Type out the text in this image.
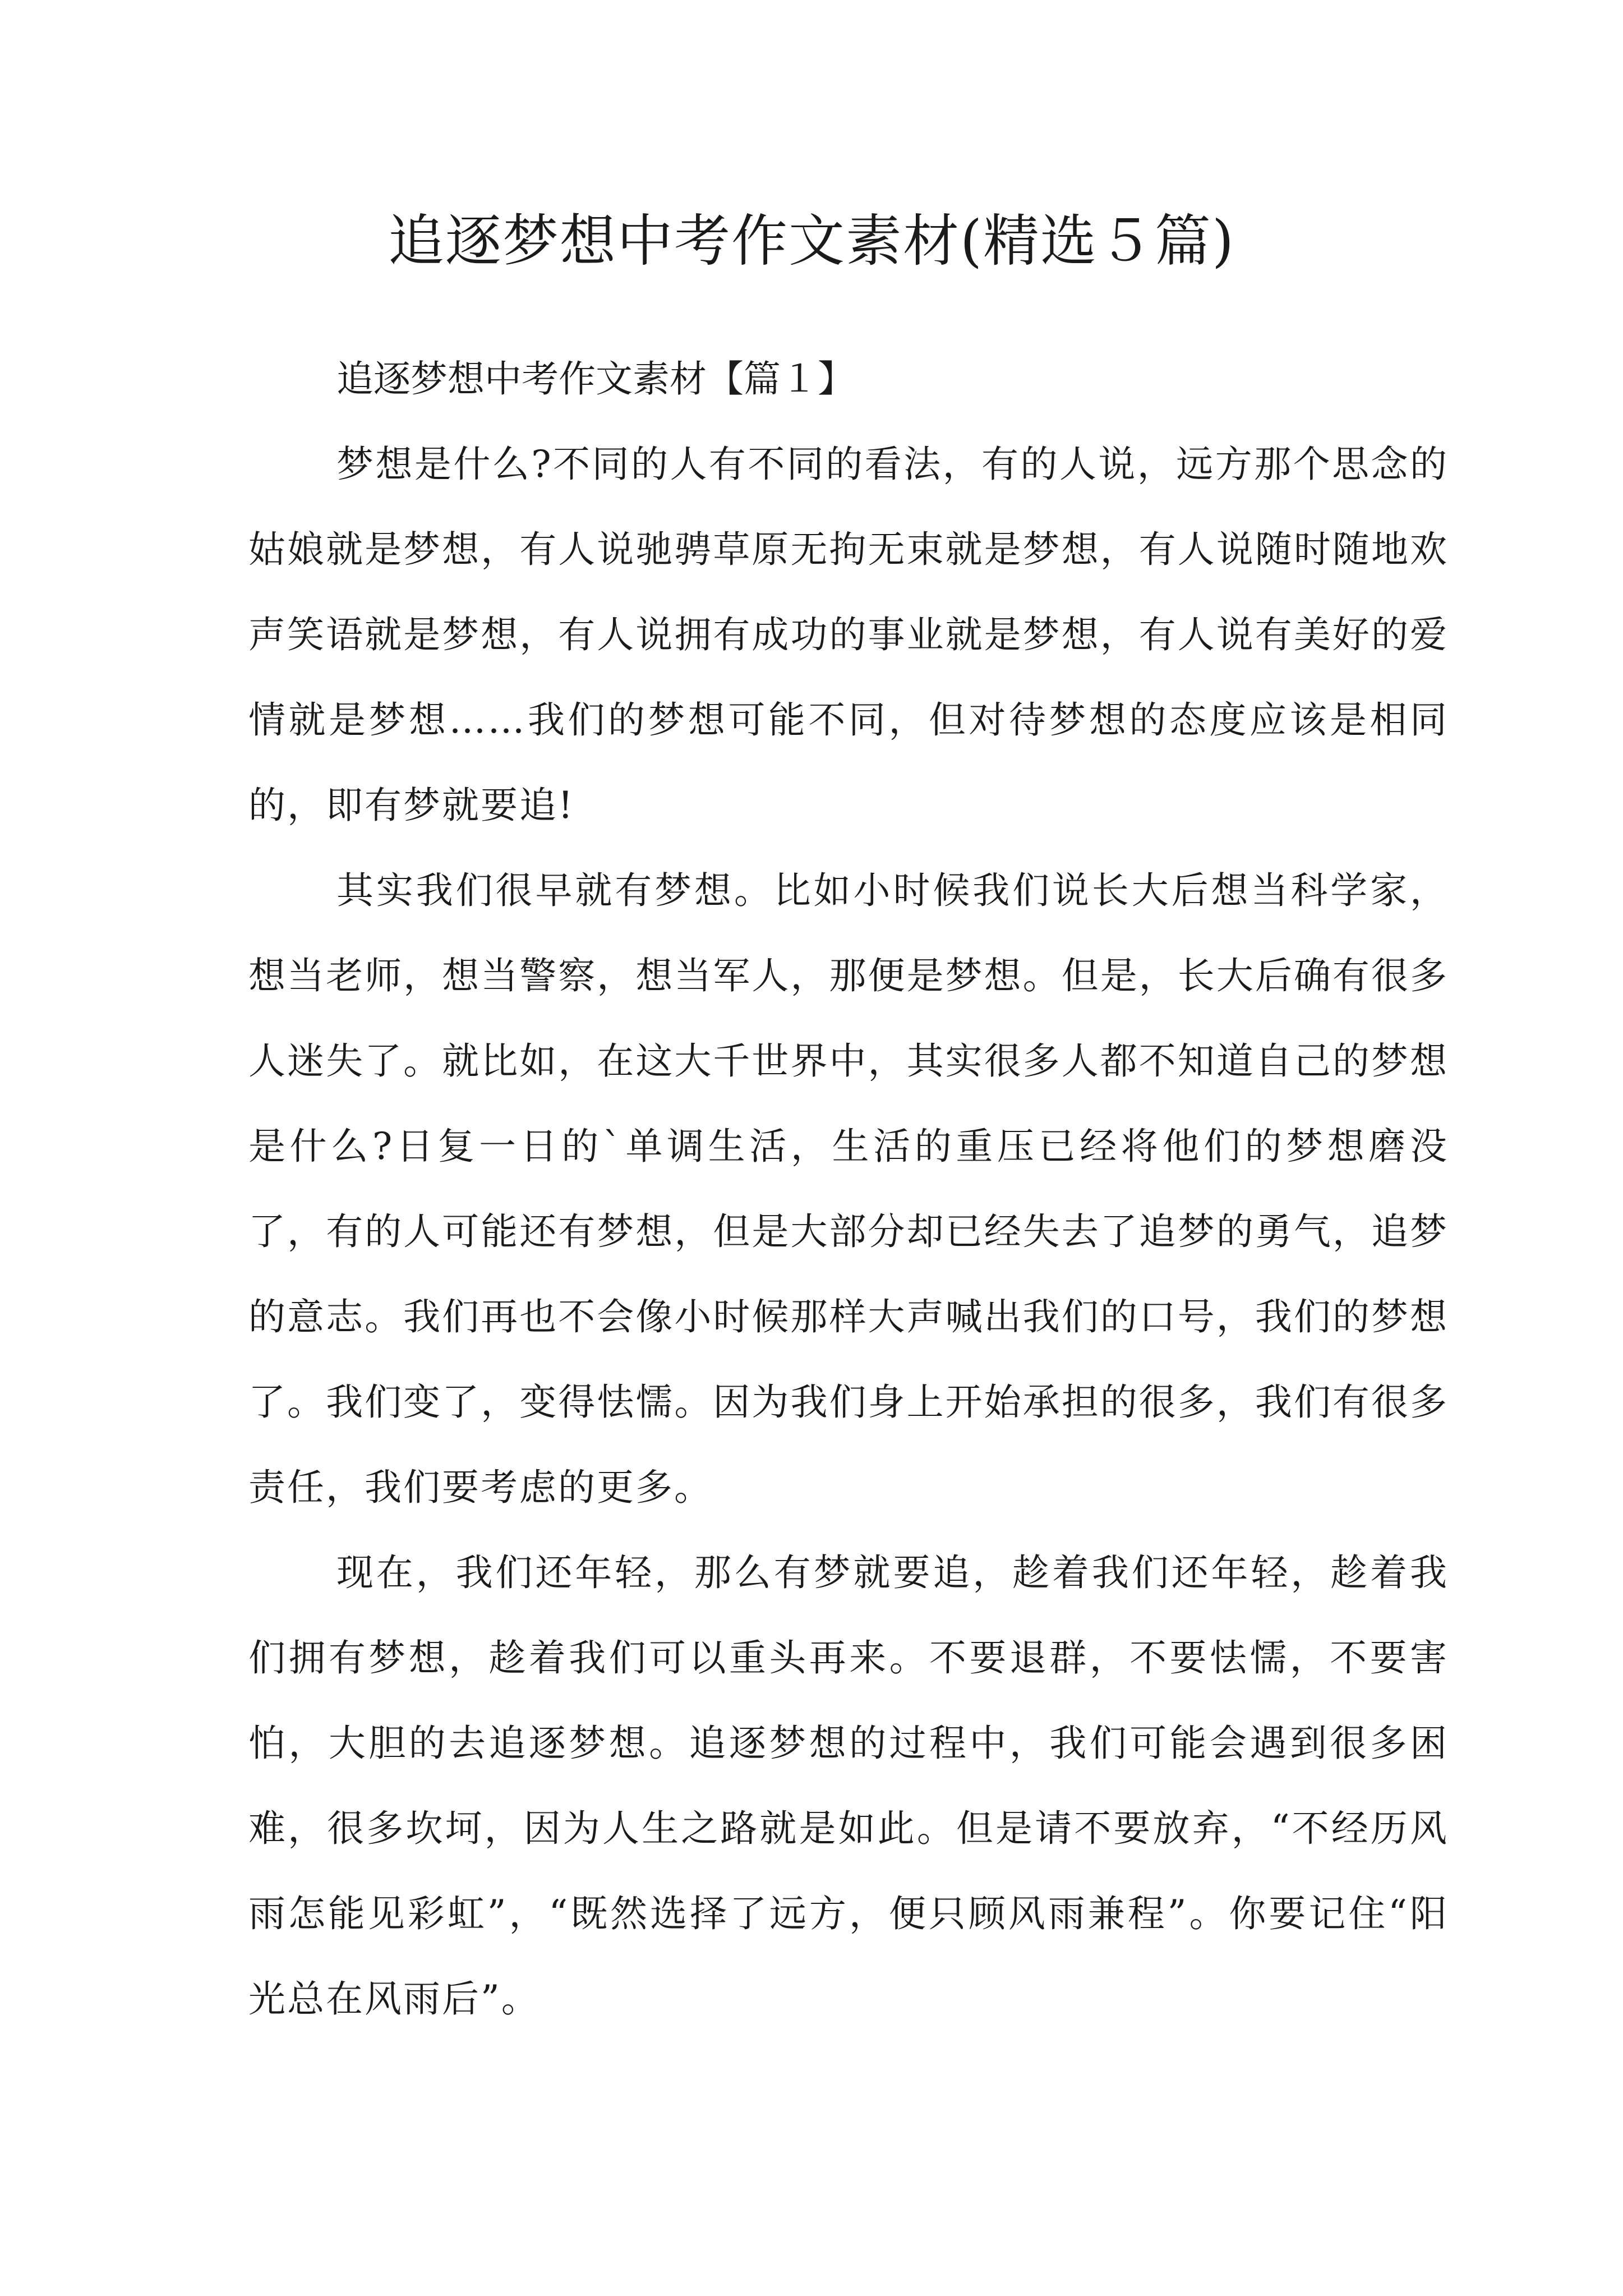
追逐梦想中考作文素材(精选５篇)
追逐梦想中考作文素材【篇１】

梦想是什么?不同的人有不同的看法，有的人说，远方那个思念的姑娘就是梦想，有人说驰骋草原无拘无束就是梦想，有人说随时随地欢声笑语就是梦想，有人说拥有成功的事业就是梦想，有人说有美好的爱情就是梦想……我们的梦想可能不同，但对待梦想的态度应该是相同的，即有梦就要追!

其实我们很早就有梦想。比如小时候我们说长大后想当科学家，想当老师，想当警察，想当军人，那便是梦想。但是，长大后确有很多人迷失了。就比如，在这大千世界中，其实很多人都不知道自己的梦想是什么?日复一日的`单调生活，生活的重压已经将他们的梦想磨没了，有的人可能还有梦想，但是大部分却已经失去了追梦的勇气，追梦的意志。我们再也不会像小时候那样大声喊出我们的口号，我们的梦想了。我们变了，变得怯懦。因为我们身上开始承担的很多，我们有很多责任，我们要考虑的更多。

现在，我们还年轻，那么有梦就要追，趁着我们还年轻，趁着我们拥有梦想，趁着我们可以重头再来。不要退群，不要怯懦，不要害怕，大胆的去追逐梦想。追逐梦想的过程中，我们可能会遇到很多困难，很多坎坷，因为人生之路就是如此。但是请不要放弃，“不经历风雨怎能见彩虹”，“既然选择了远方，便只顾风雨兼程”。你要记住“阳光总在风雨后”。
